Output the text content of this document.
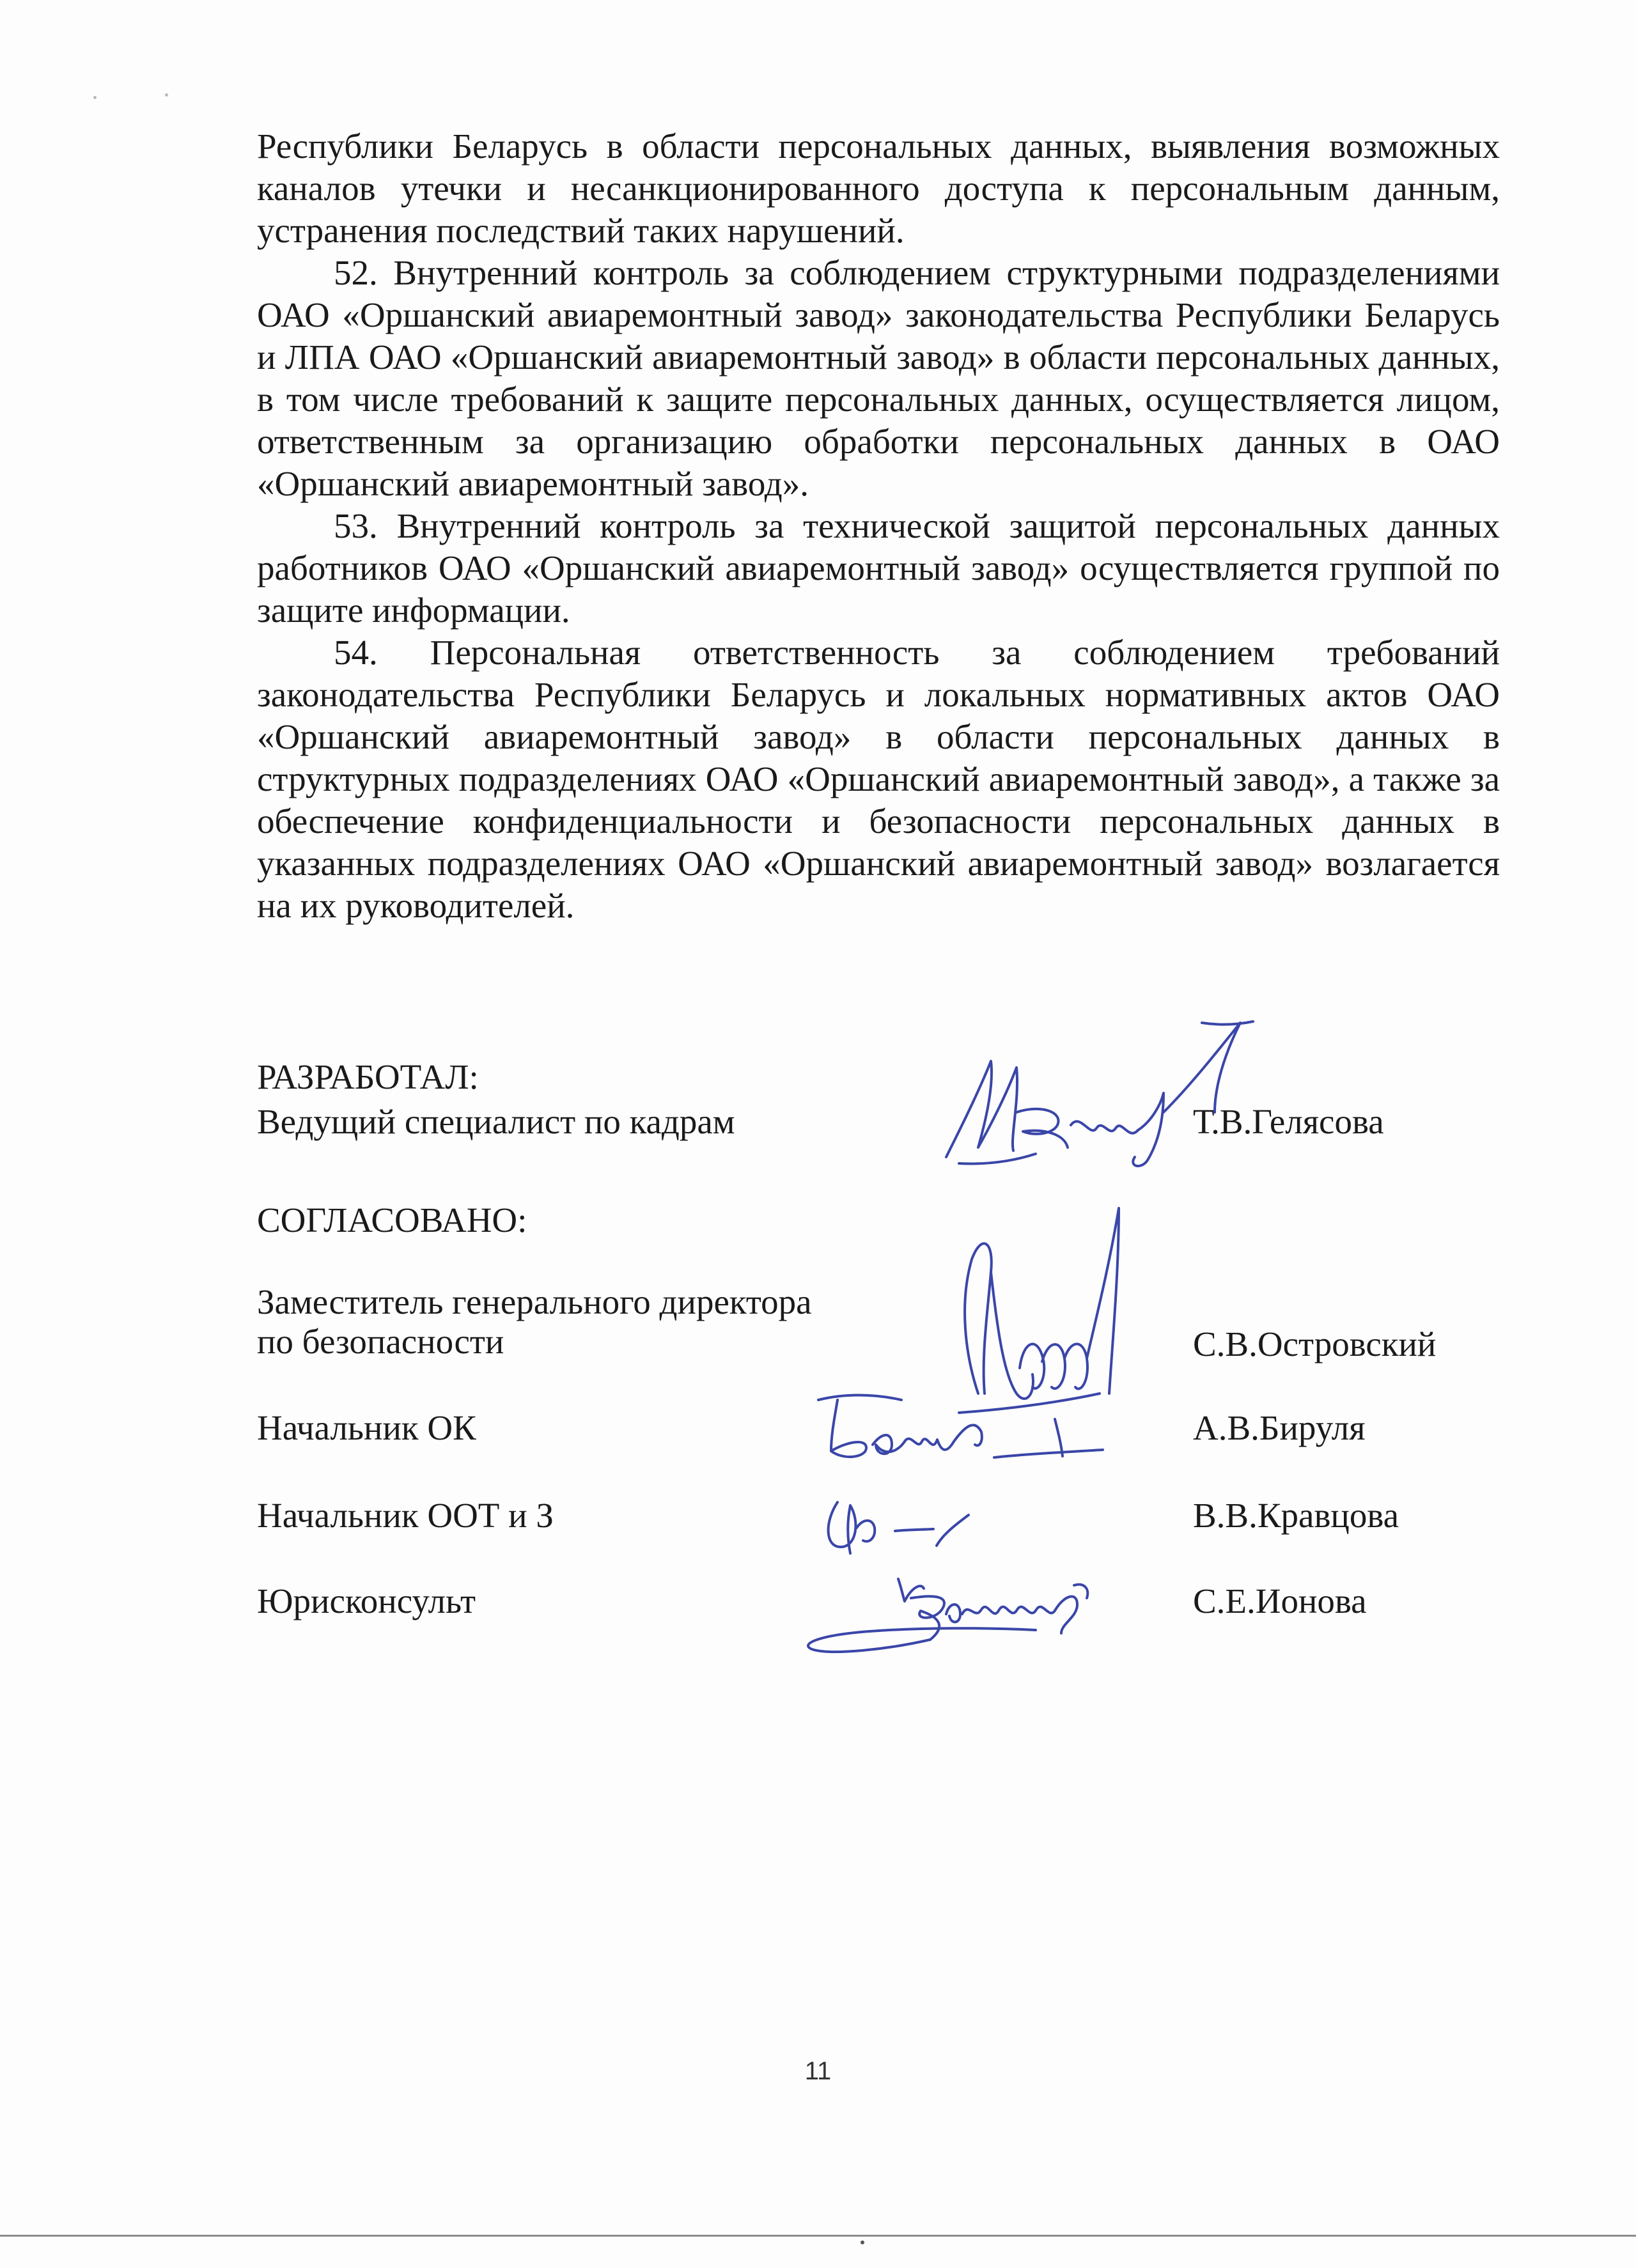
Республики Беларусь в области персональных данных, выявления возможных каналов утечки и несанкционированного доступа к персональным данным, устранения последствий таких нарушений.

52. Внутренний контроль за соблюдением структурными подразделениями ОАО «Оршанский авиаремонтный завод» законодательства Республики Беларусь и ЛПА ОАО «Оршанский авиаремонтный завод» в области персональных данных, в том числе требований к защите персональных данных, осуществляется лицом, ответственным за организацию обработки персональных данных в ОАО «Оршанский авиаремонтный завод».

53. Внутренний контроль за технической защитой персональных данных работников ОАО «Оршанский авиаремонтный завод» осуществляется группой по защите информации.

54. Персональная ответственность за соблюдением требований законодательства Республики Беларусь и локальных нормативных актов ОАО «Оршанский авиаремонтный завод» в области персональных данных в структурных подразделениях ОАО «Оршанский авиаремонтный завод», а также за обеспечение конфиденциальности и безопасности персональных данных в указанных подразделениях ОАО «Оршанский авиаремонтный завод» возлагается на их руководителей.

РАЗРАБОТАЛ:
Ведущий специалист по кадрам	Т.В.Гелясова
СОГЛАСОВАНО:
Заместитель генерального директора
по безопасности	С.В.Островский
Начальник ОК	А.В.Бируля
Начальник ООТ и З	В.В.Кравцова
Юрисконсульт	С.Е.Ионова
11
